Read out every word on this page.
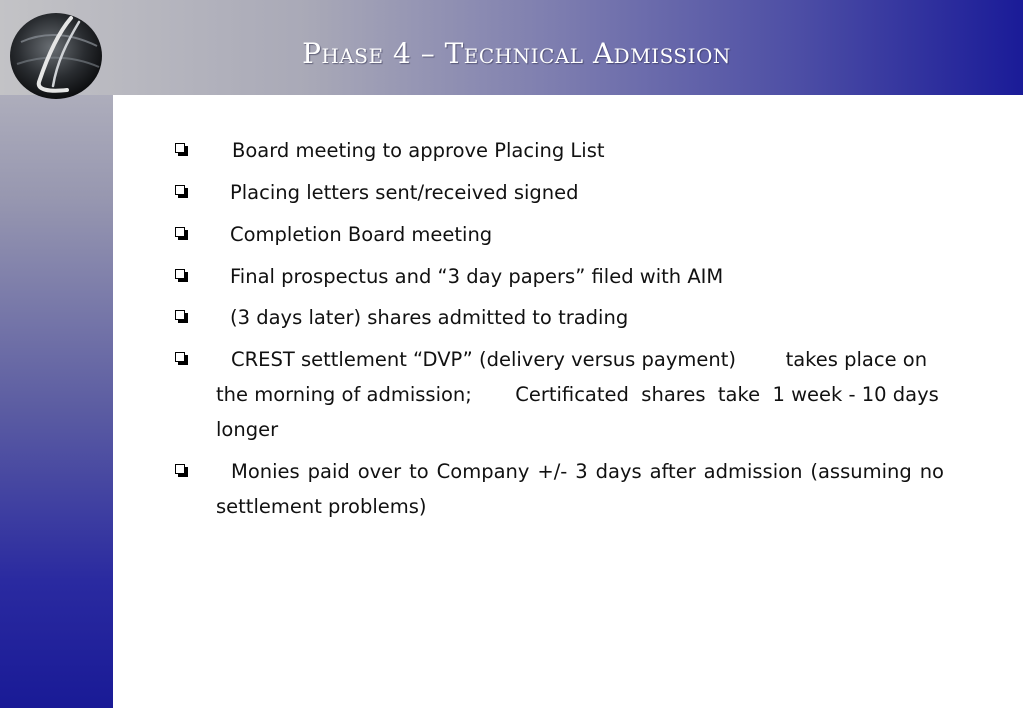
Phase 4 – Technical Admission
Board meeting to approve Placing List
Placing letters sent/received signed
Completion Board meeting
Final prospectus and “3 day papers” filed with AIM
(3 days later) shares admitted to trading
CREST settlement “DVP” (delivery versus payment)        takes place on the morning of admission;       Certificated  shares  take  1 week - 10 days longer
Monies paid over to Company +/- 3 days after admission (assuming no settlement problems)
